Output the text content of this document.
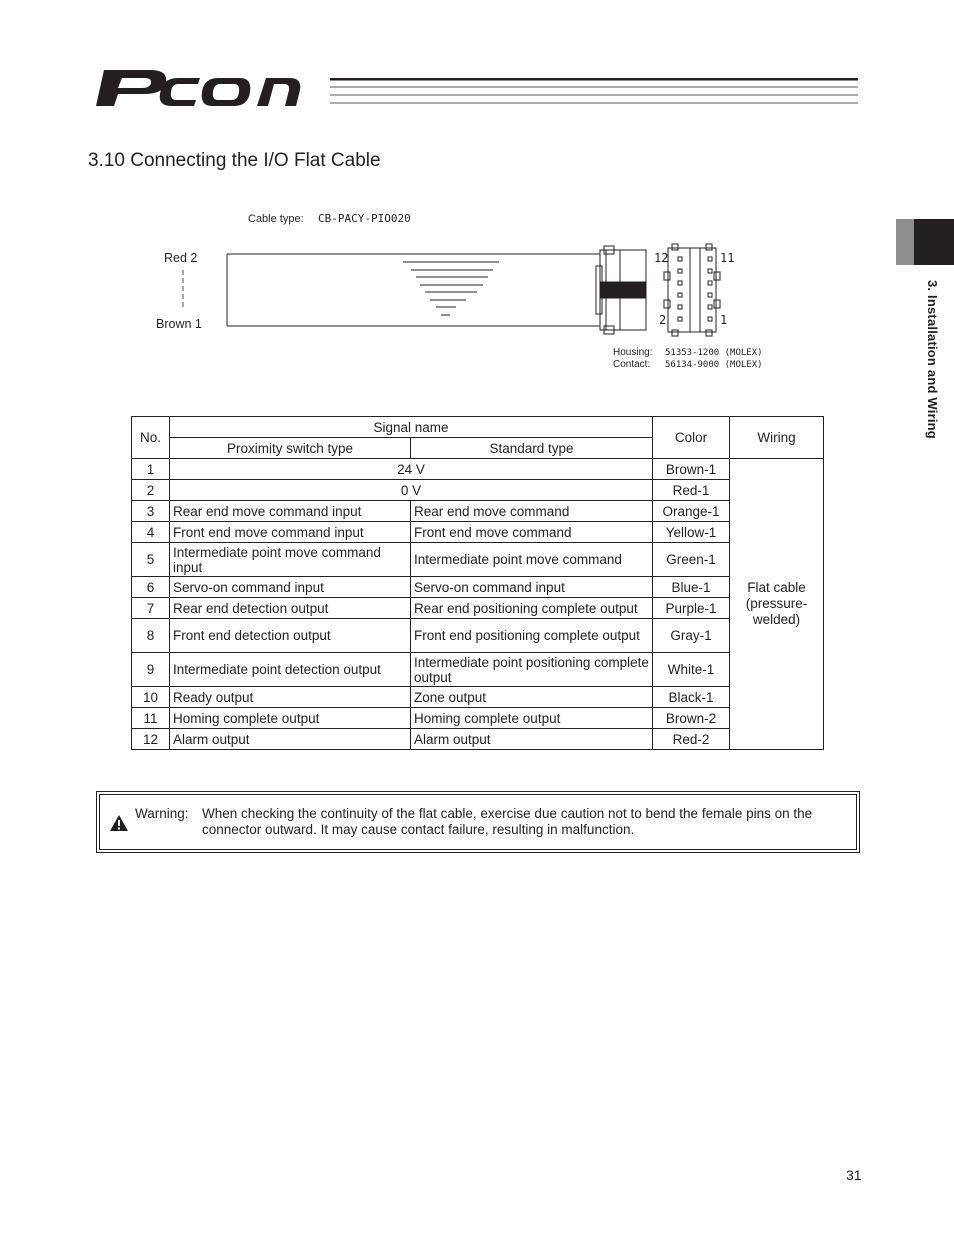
3.10 Connecting the I/O Flat Cable
3. Installation and Wiring
Cable type: CB-PACY-PIO020
Red 2
Brown 1
12	11
2	1
Housing: 51353-1200 (MOLEX)
Contact: 56134-9000 (MOLEX)
No.	Signal name		Color	Wiring
	Proximity switch type	Standard type		
1	24 V		Brown-1	Flat cable (pressure-welded)
2	0 V		Red-1	
3	Rear end move command input	Rear end move command	Orange-1	
4	Front end move command input	Front end move command	Yellow-1	
5	Intermediate point move command input	Intermediate point move command	Green-1	
6	Servo-on command input	Servo-on command input	Blue-1	
7	Rear end detection output	Rear end positioning complete output	Purple-1	
8	Front end detection output	Front end positioning complete output	Gray-1	
9	Intermediate point detection output	Intermediate point positioning complete output	White-1	
10	Ready output	Zone output	Black-1	
11	Homing complete output	Homing complete output	Brown-2	
12	Alarm output	Alarm output	Red-2	
Warning: When checking the continuity of the flat cable, exercise due caution not to bend the female pins on the connector outward. It may cause contact failure, resulting in malfunction.
31
